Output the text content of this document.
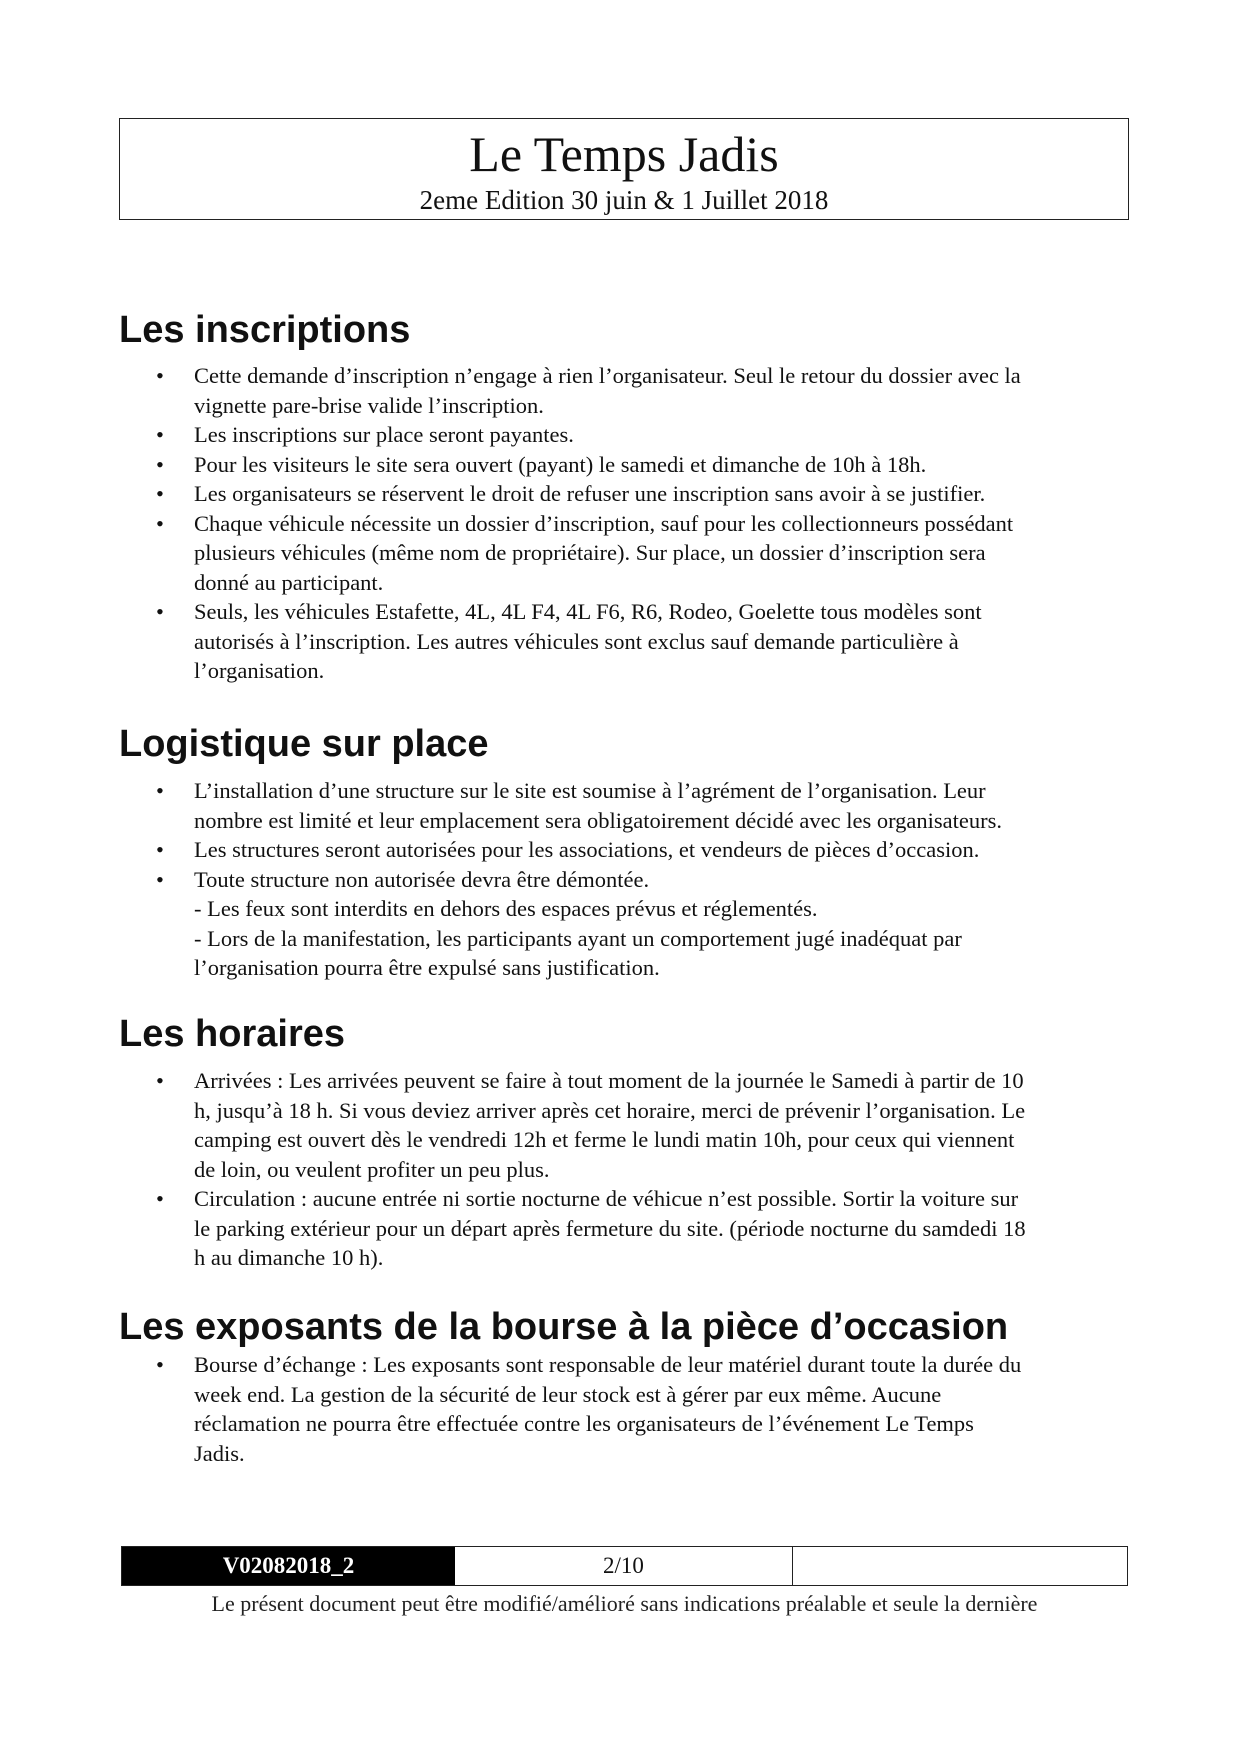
Le Temps Jadis
2eme Edition 30 juin & 1 Juillet 2018
Les inscriptions
• Cette demande d’inscription n’engage à rien l’organisateur. Seul le retour du dossier avec la
vignette pare-brise valide l’inscription.
• Les inscriptions sur place seront payantes.
• Pour les visiteurs le site sera ouvert (payant) le samedi et dimanche de 10h à 18h.
• Les organisateurs se réservent le droit de refuser une inscription sans avoir à se justifier.
• Chaque véhicule nécessite un dossier d’inscription, sauf pour les collectionneurs possédant
plusieurs véhicules (même nom de propriétaire). Sur place, un dossier d’inscription sera
donné au participant.
• Seuls, les véhicules Estafette, 4L, 4L F4, 4L F6, R6, Rodeo, Goelette tous modèles sont
autorisés à l’inscription. Les autres véhicules sont exclus sauf demande particulière à
l’organisation.
Logistique sur place
• L’installation d’une structure sur le site est soumise à l’agrément de l’organisation. Leur
nombre est limité et leur emplacement sera obligatoirement décidé avec les organisateurs.
• Les structures seront autorisées pour les associations, et vendeurs de pièces d’occasion.
• Toute structure non autorisée devra être démontée.
- Les feux sont interdits en dehors des espaces prévus et réglementés.
- Lors de la manifestation, les participants ayant un comportement jugé inadéquat par
l’organisation pourra être expulsé sans justification.
Les horaires
• Arrivées : Les arrivées peuvent se faire à tout moment de la journée le Samedi à partir de 10
h, jusqu’à 18 h. Si vous deviez arriver après cet horaire, merci de prévenir l’organisation. Le
camping est ouvert dès le vendredi 12h et ferme le lundi matin 10h, pour ceux qui viennent
de loin, ou veulent profiter un peu plus.
• Circulation : aucune entrée ni sortie nocturne de véhicue n’est possible. Sortir la voiture sur
le parking extérieur pour un départ après fermeture du site. (période nocturne du samdedi 18
h au dimanche 10 h).
Les exposants de la bourse à la pièce d’occasion
• Bourse d’échange : Les exposants sont responsable de leur matériel durant toute la durée du
week end. La gestion de la sécurité de leur stock est à gérer par eux même. Aucune
réclamation ne pourra être effectuée contre les organisateurs de l’événement Le Temps
Jadis.
V02082018_2	2/10
Le présent document peut être modifié/amélioré sans indications préalable et seule la dernière
